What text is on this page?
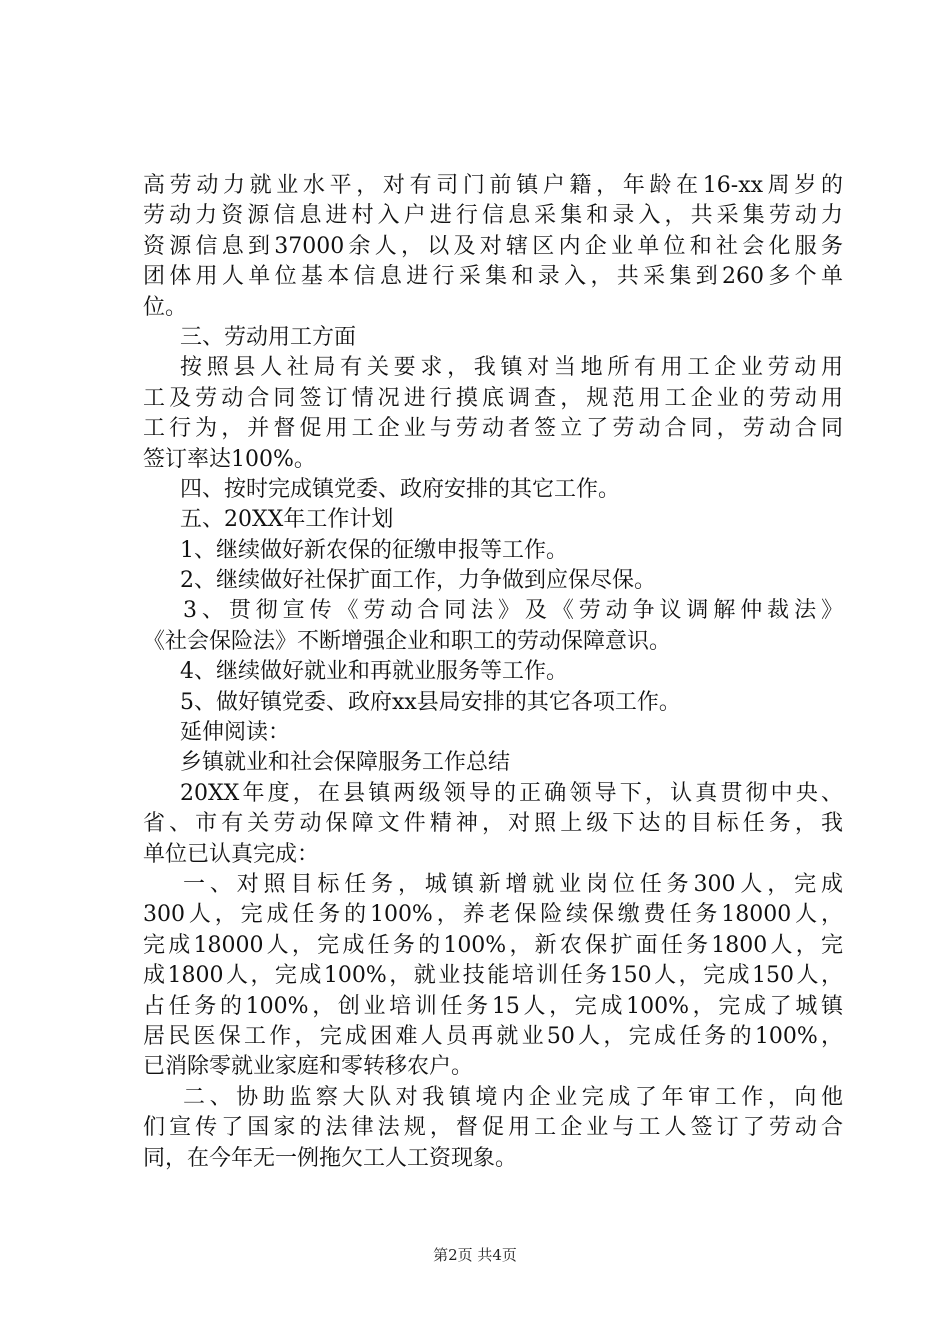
高劳动力就业水平，对有司门前镇户籍，年龄在16-xx周岁的
劳动力资源信息进村入户进行信息采集和录入，共采集劳动力
资源信息到37000余人，以及对辖区内企业单位和社会化服务
团体用人单位基本信息进行采集和录入，共采集到260多个单
位。
三、劳动用工方面
按照县人社局有关要求，我镇对当地所有用工企业劳动用
工及劳动合同签订情况进行摸底调查，规范用工企业的劳动用
工行为，并督促用工企业与劳动者签立了劳动合同，劳动合同
签订率达100%。
四、按时完成镇党委、政府安排的其它工作。
五、20XX年工作计划
1、继续做好新农保的征缴申报等工作。
2、继续做好社保扩面工作，力争做到应保尽保。
3、贯彻宣传《劳动合同法》及《劳动争议调解仲裁法》
《社会保险法》不断增强企业和职工的劳动保障意识。
4、继续做好就业和再就业服务等工作。
5、做好镇党委、政府xx县局安排的其它各项工作。
延伸阅读：
乡镇就业和社会保障服务工作总结
20XX年度，在县镇两级领导的正确领导下，认真贯彻中央、
省、市有关劳动保障文件精神，对照上级下达的目标任务，我
单位已认真完成：
一、对照目标任务，城镇新增就业岗位任务300人，完成
300人，完成任务的100%，养老保险续保缴费任务18000人，
完成18000人，完成任务的100%，新农保扩面任务1800人，完
成1800人，完成100%，就业技能培训任务150人，完成150人，
占任务的100%，创业培训任务15人，完成100%，完成了城镇
居民医保工作，完成困难人员再就业50人，完成任务的100%，
已消除零就业家庭和零转移农户。
二、协助监察大队对我镇境内企业完成了年审工作，向他
们宣传了国家的法律法规，督促用工企业与工人签订了劳动合
同，在今年无一例拖欠工人工资现象。
第2页 共4页
